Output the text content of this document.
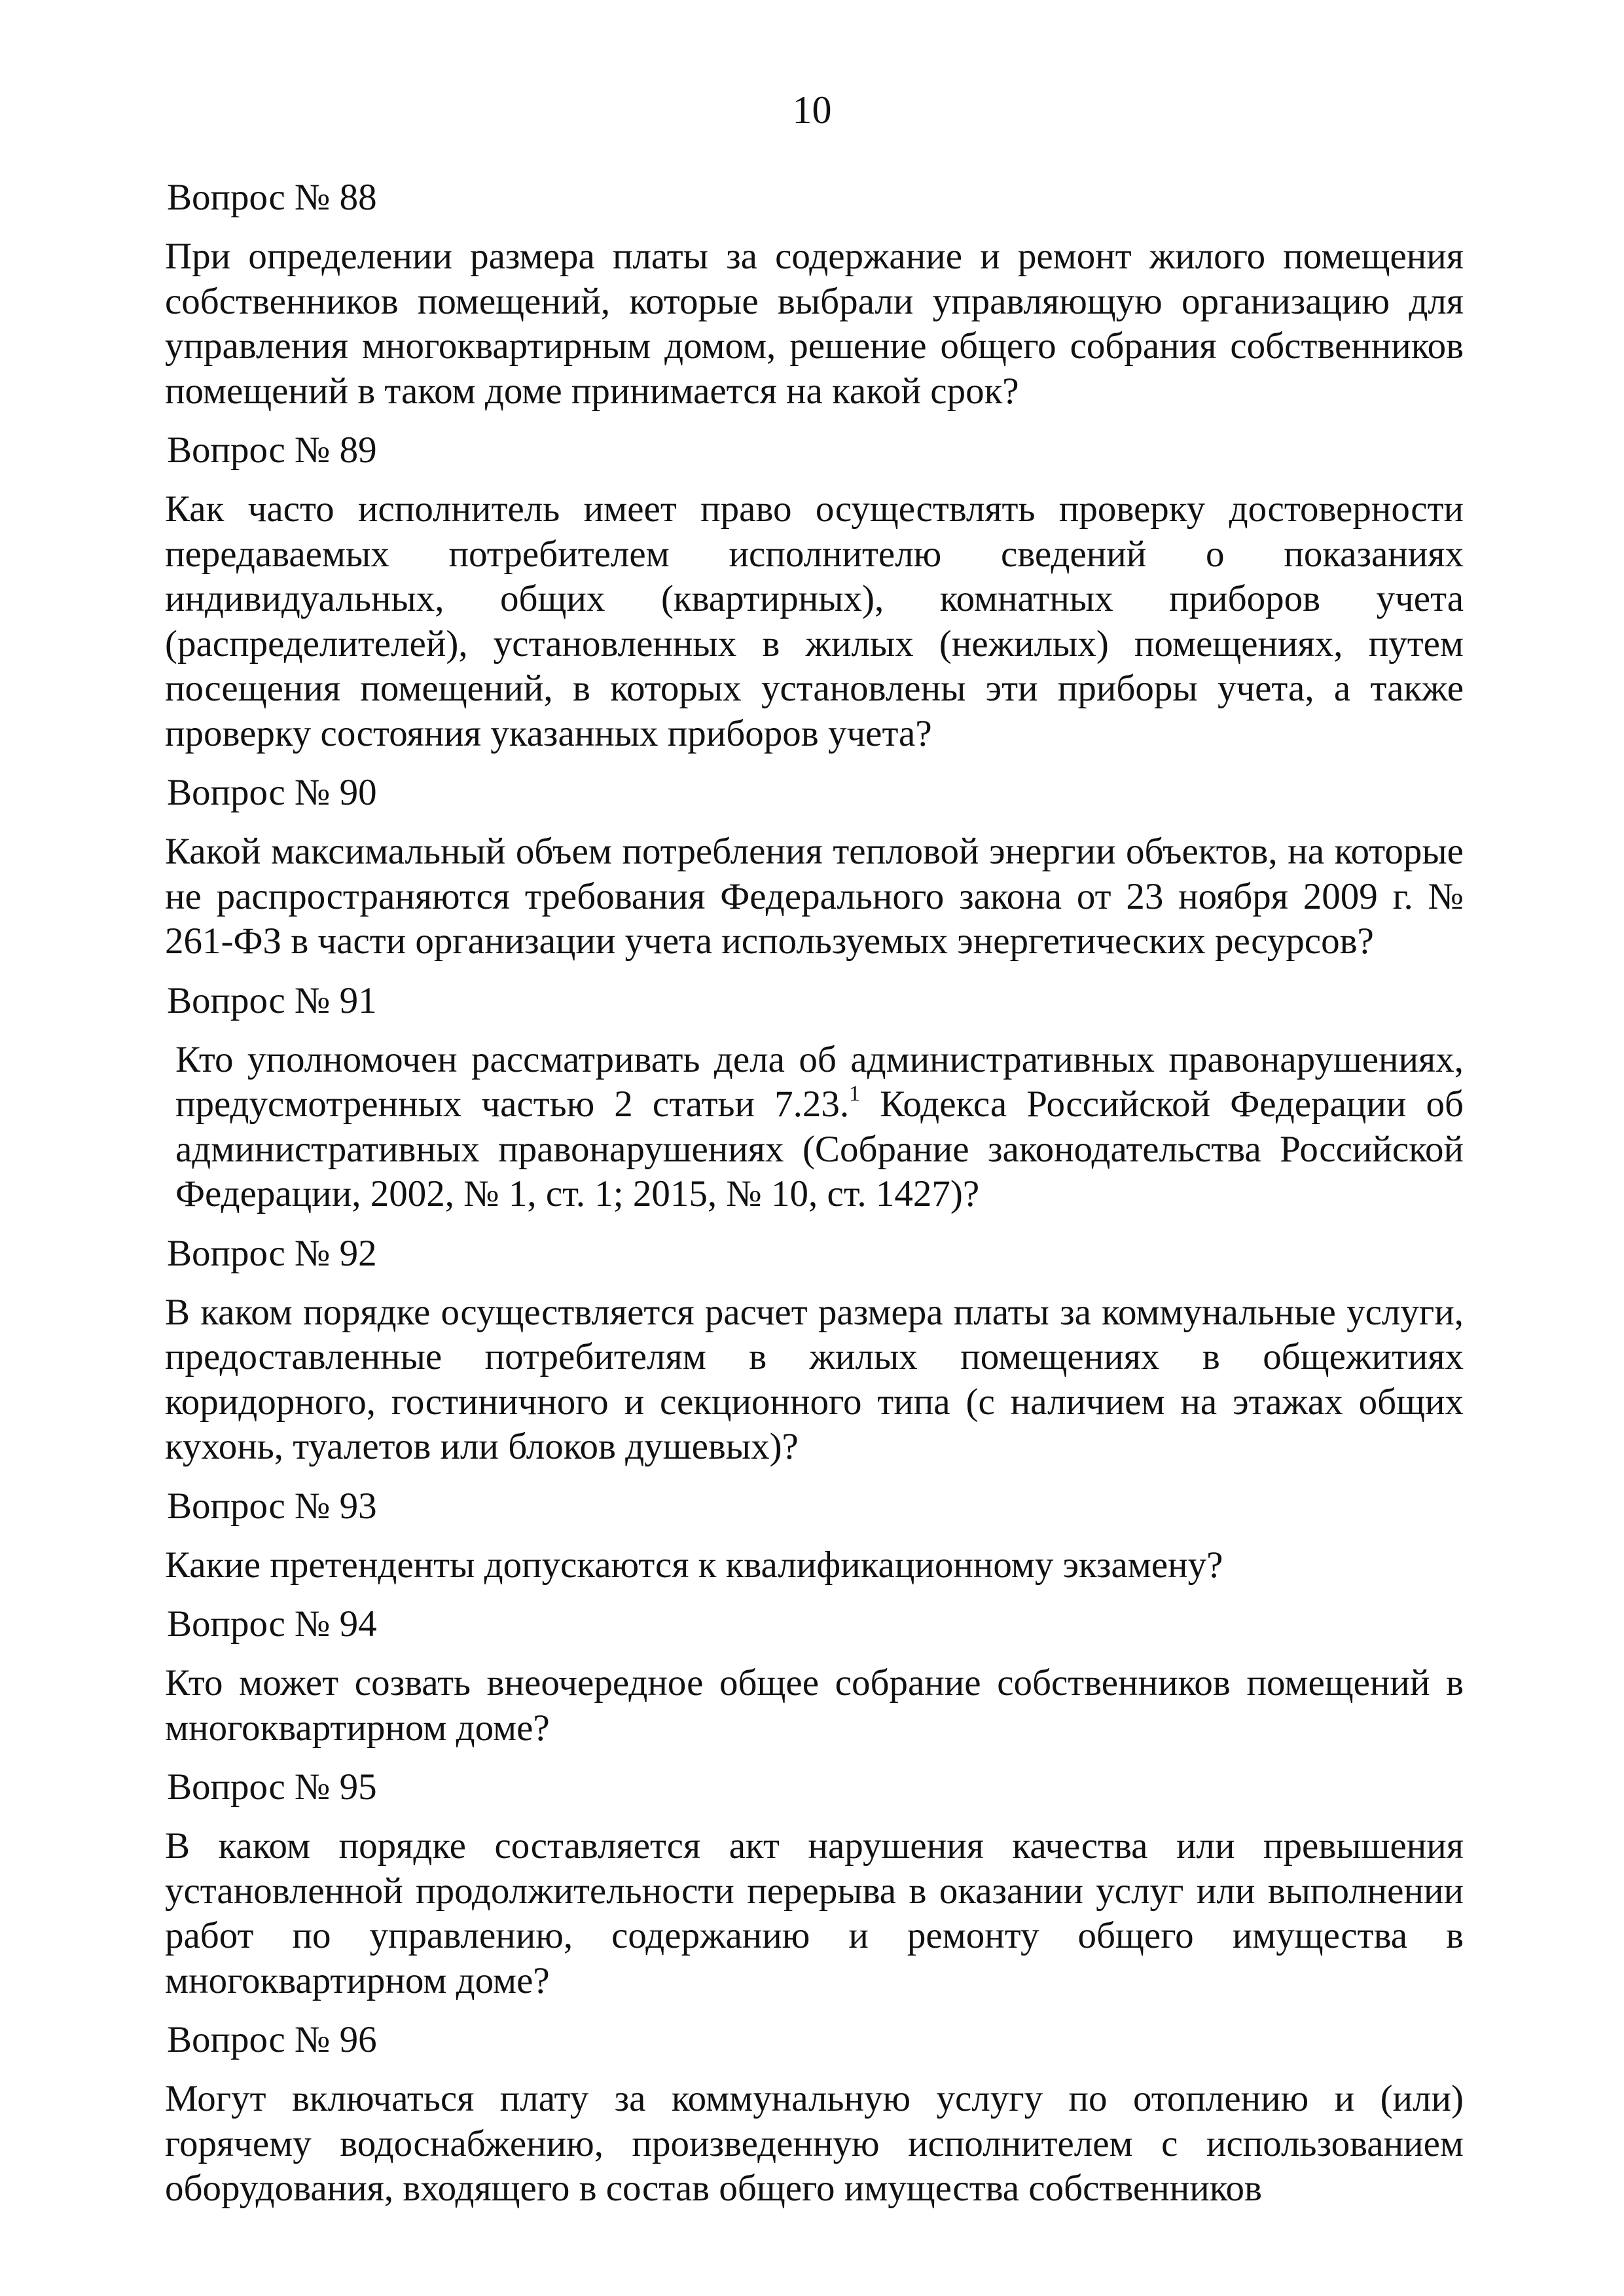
10

Вопрос № 88

При определении размера платы за содержание и ремонт жилого помещения собственников помещений, которые выбрали управляющую организацию для управления многоквартирным домом, решение общего собрания собственников помещений в таком доме принимается на какой срок?

Вопрос № 89

Как часто исполнитель имеет право осуществлять проверку достоверности передаваемых потребителем исполнителю сведений о показаниях индивидуальных, общих (квартирных), комнатных приборов учета (распределителей), установленных в жилых (нежилых) помещениях, путем посещения помещений, в которых установлены эти приборы учета, а также проверку состояния указанных приборов учета?

Вопрос № 90

Какой максимальный объем потребления тепловой энергии объектов, на которые не распространяются требования Федерального закона от 23 ноября 2009 г. № 261-ФЗ в части организации учета используемых энергетических ресурсов?

Вопрос № 91

Кто уполномочен рассматривать дела об административных правонарушениях, предусмотренных частью 2 статьи 7.23.$^1$ Кодекса Российской Федерации об административных правонарушениях (Собрание законодательства Российской Федерации, 2002, № 1, ст. 1; 2015, № 10, ст. 1427)?

Вопрос № 92

В каком порядке осуществляется расчет размера платы за коммунальные услуги, предоставленные потребителям в жилых помещениях в общежитиях коридорного, гостиничного и секционного типа (с наличием на этажах общих кухонь, туалетов или блоков душевых)?

Вопрос № 93

Какие претенденты допускаются к квалификационному экзамену?

Вопрос № 94

Кто может созвать внеочередное общее собрание собственников помещений в многоквартирном доме?

Вопрос № 95

В каком порядке составляется акт нарушения качества или превышения установленной продолжительности перерыва в оказании услуг или выполнении работ по управлению, содержанию и ремонту общего имущества в многоквартирном доме?

Вопрос № 96

Могут включаться плату за коммунальную услугу по отоплению и (или) горячему водоснабжению, произведенную исполнителем с использованием оборудования, входящего в состав общего имущества собственников
